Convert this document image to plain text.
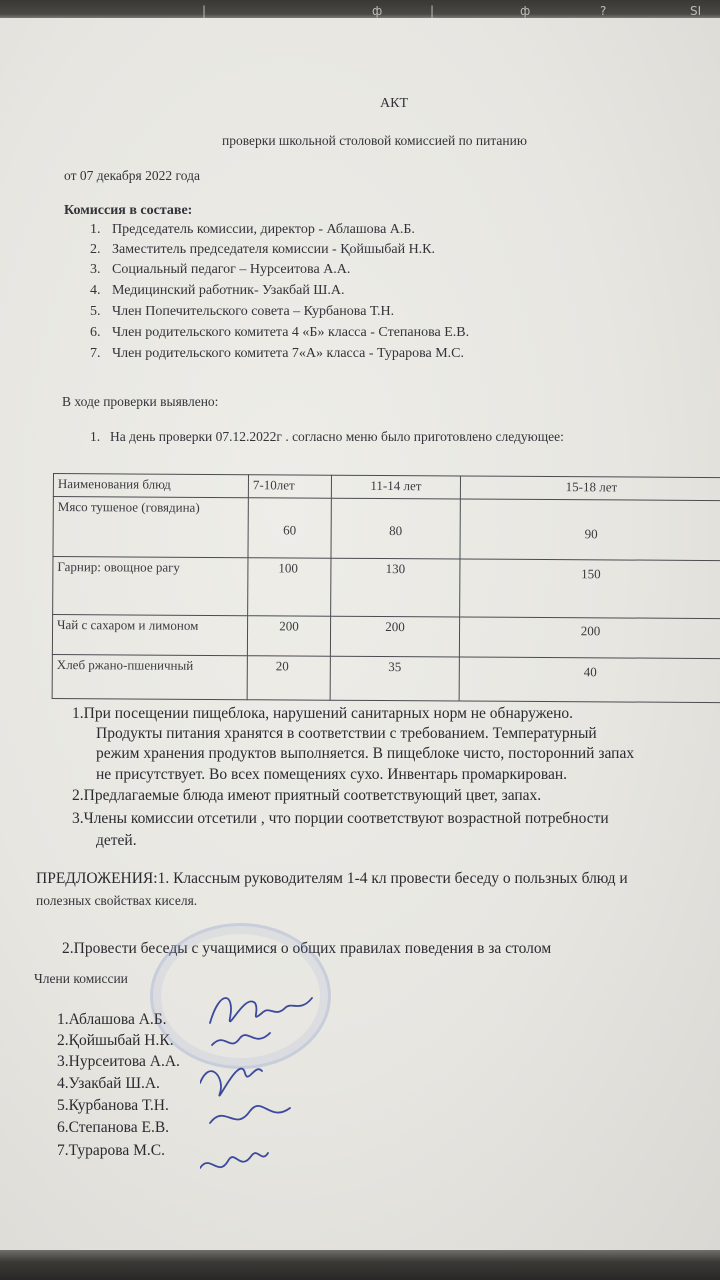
|	ф	|	ф	?	SI
АКТ
проверки школьной столовой комиссией по питанию
от 07 декабря 2022 года
Комиссия в составе:
1. Председатель комиссии, директор - Аблашова А.Б.
2. Заместитель председателя комиссии - Қойшыбай Н.К.
3. Социальный педагог – Нурсеитова А.А.
4. Медицинский работник- Узакбай Ш.А.
5. Член Попечительского совета – Курбанова Т.Н.
6. Член родительского комитета 4 «Б» класса - Степанова Е.В.
7. Член родительского комитета 7«А» класса - Турарова М.С.
В ходе проверки выявлено:
1. На день проверки 07.12.2022г . согласно меню было приготовлено следующее:
Наименования блюд	7-10лет	11-14 лет	15-18 лет
Мясо тушеное (говядина)	60	80	90
Гарнир: овощное рагу	100	130	150
Чай с сахаром и лимоном	200	200	200
Хлеб ржано-пшеничный	20	35	40
1.При посещении пищеблока, нарушений санитарных норм не обнаружено.
Продукты питания хранятся в соответствии с требованием. Температурный
режим хранения продуктов выполняется. В пищеблоке чисто, посторонний запах
не присутствует. Во всех помещениях сухо. Инвентарь промаркирован.
2.Предлагаемые блюда имеют приятный соответствующий цвет, запах.
3.Члены комиссии отсетили , что порции соответствуют возрастной потребности
детей.
ПРЕДЛОЖЕНИЯ:1. Классным руководителям 1-4 кл провести беседу о пользных блюд и
полезных свойствах киселя.
2.Провести беседы с учащимися о общих правилах поведения в за столом
Члени комиссии
1.Аблашова А.Б.
2.Қойшыбай Н.К.
3.Нурсеитова А.А.
4.Узакбай Ш.А.
5.Курбанова Т.Н.
6.Степанова Е.В.
7.Турарова М.С.
